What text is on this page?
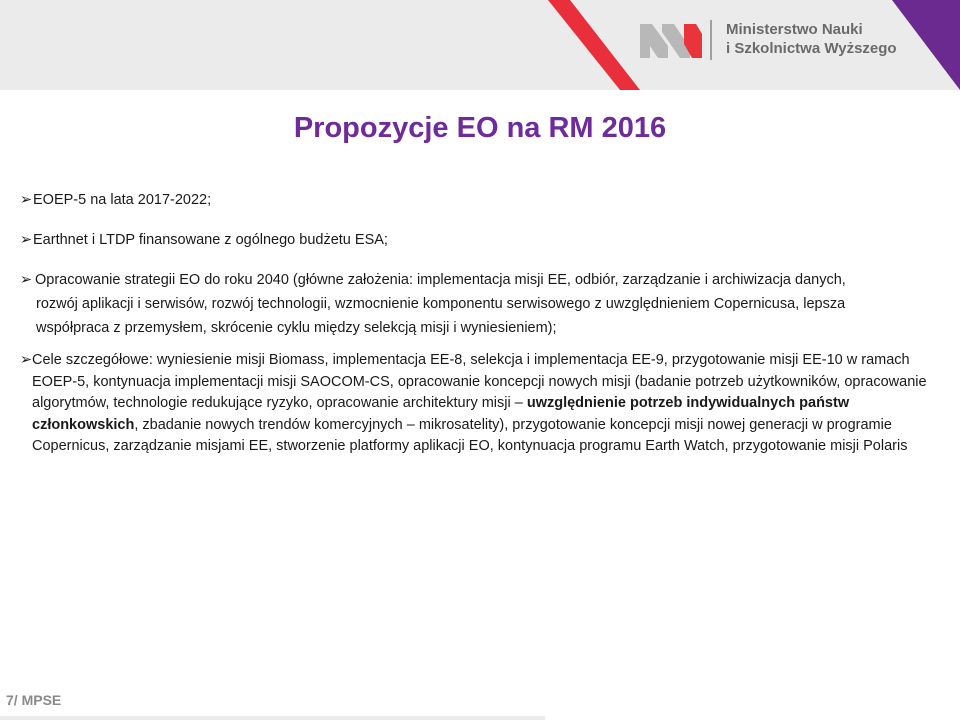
Ministerstwo Nauki
i Szkolnictwa Wyższego
Propozycje EO na RM 2016

➢ EOEP-5 na lata 2017-2022;

➢ Earthnet i LTDP finansowane z ogólnego budżetu ESA;

➢ Opracowanie strategii EO do roku 2040 (główne założenia: implementacja misji EE, odbiór, zarządzanie i archiwizacja danych,
rozwój aplikacji i serwisów, rozwój technologii, wzmocnienie komponentu serwisowego z uwzględnieniem Copernicusa, lepsza
współpraca z przemysłem, skrócenie cyklu między selekcją misji i wyniesieniem);

➢ Cele szczegółowe: wyniesienie misji Biomass, implementacja EE-8, selekcja i implementacja EE-9, przygotowanie misji EE-10 w ramach EOEP-5, kontynuacja implementacji misji SAOCOM-CS, opracowanie koncepcji nowych misji (badanie potrzeb użytkowników, opracowanie algorytmów, technologie redukujące ryzyko, opracowanie architektury misji – uwzględnienie potrzeb indywidualnych państw członkowskich, zbadanie nowych trendów komercyjnych – mikrosatelity), przygotowanie koncepcji misji nowej generacji w programie Copernicus, zarządzanie misjami EE, stworzenie platformy aplikacji EO, kontynuacja programu Earth Watch, przygotowanie misji Polaris

7/ MPSE
